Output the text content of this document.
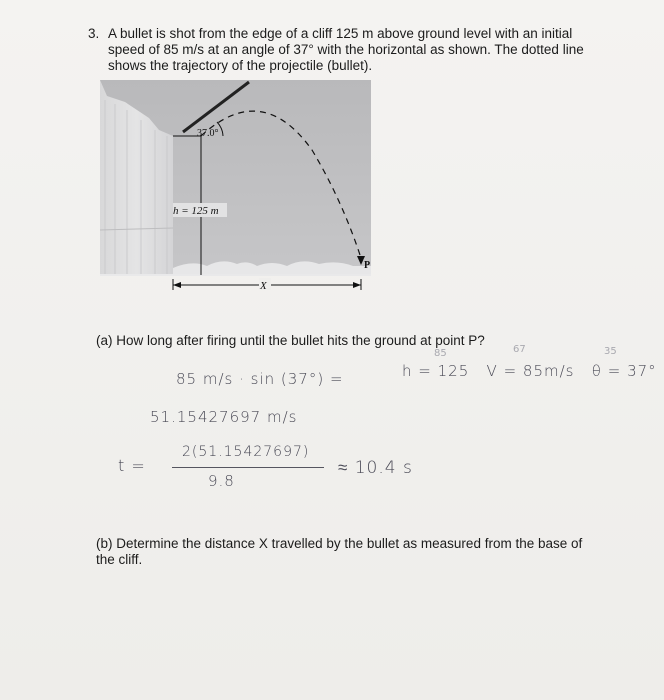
3. A bullet is shot from the edge of a cliff 125 m above ground level with an initial speed of 85 m/s at an angle of 37° with the horizontal as shown. The dotted line shows the trajectory of the projectile (bullet).
37.0°
h = 125 m
X
P
(a) How long after firing until the bullet hits the ground at point P?
85	67	35
85 m/s · sin (37°) =	h = 125   V = 85m/s   θ = 37°
51.15427697 m/s
t =
2(51.15427697)
9.8
≈ 10.4 s
(b) Determine the distance X travelled by the bullet as measured from the base of the cliff.
